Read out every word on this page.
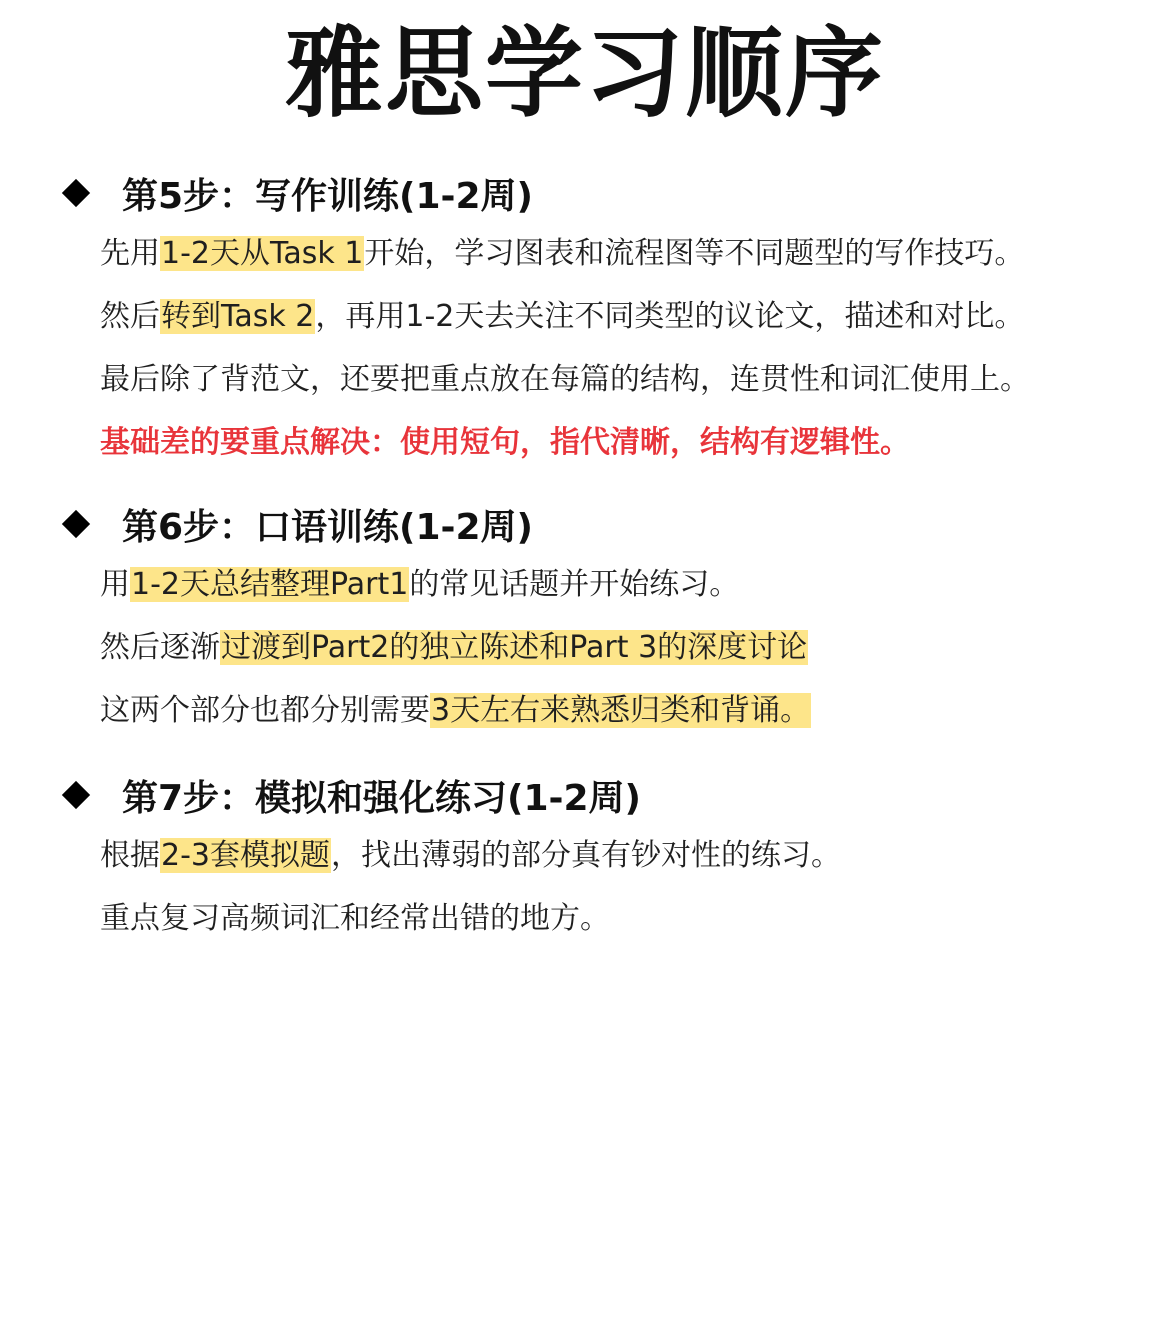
雅思学习顺序
第5步：写作训练(1-2周)
先用1-2天从Task 1开始，学习图表和流程图等不同题型的写作技巧。
然后转到Task 2，再用1-2天去关注不同类型的议论文，描述和对比。
最后除了背范文，还要把重点放在每篇的结构，连贯性和词汇使用上。
基础差的要重点解决：使用短句，指代清晰，结构有逻辑性。
第6步：口语训练(1-2周)
用1-2天总结整理Part1的常见话题并开始练习。
然后逐渐过渡到Part2的独立陈述和Part 3的深度讨论
这两个部分也都分别需要3天左右来熟悉归类和背诵。
第7步：模拟和强化练习(1-2周)
根据2-3套模拟题，找出薄弱的部分真有钞对性的练习。
重点复习高频词汇和经常出错的地方。
